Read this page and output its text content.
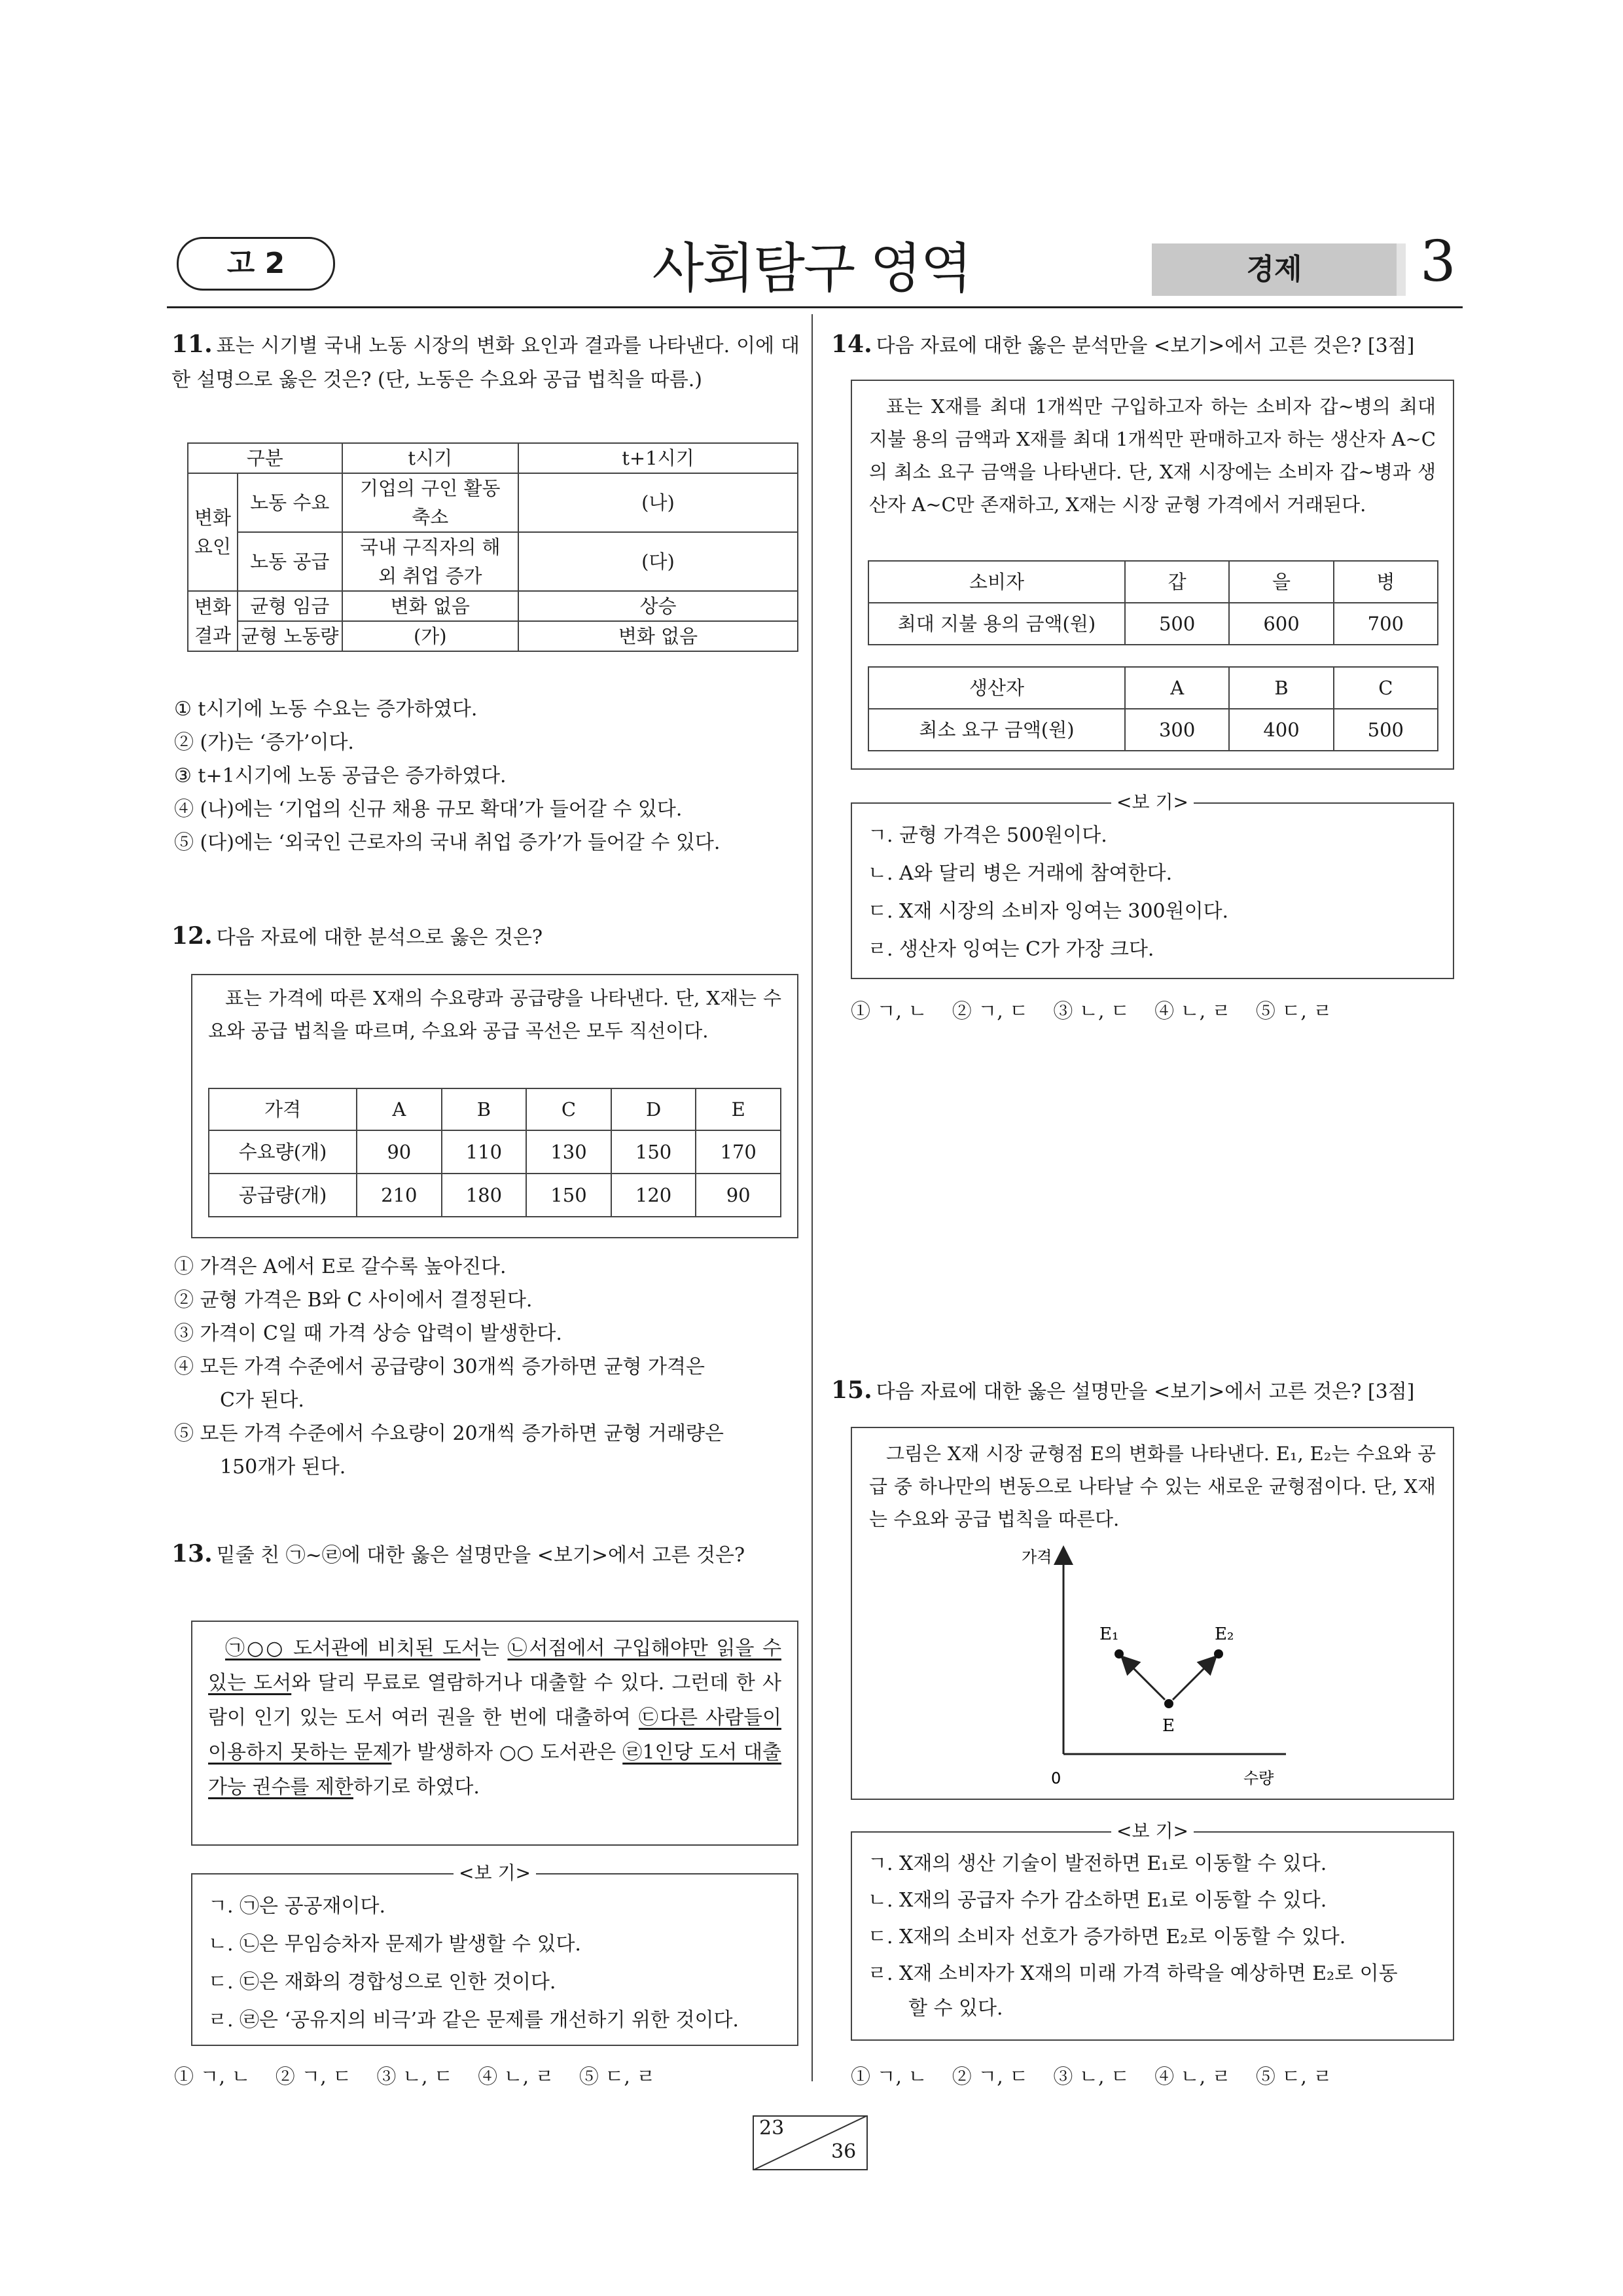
고 2	사회탐구 영역	경제	3
11. 표는 시기별 국내 노동 시장의 변화 요인과 결과를 나타낸다. 이에 대한 설명으로 옳은 것은? (단, 노동은 수요와 공급 법칙을 따름.)
구분		t시기	t+1시기
변화 요인	노동 수요	기업의 구인 활동 축소	(나)
	노동 공급	국내 구직자의 해외 취업 증가	(다)
변화 결과	균형 임금	변화 없음	상승
	균형 노동량	(가)	변화 없음
① t시기에 노동 수요는 증가하였다.
② (가)는 ‘증가’이다.
③ t+1시기에 노동 공급은 증가하였다.
④ (나)에는 ‘기업의 신규 채용 규모 확대’가 들어갈 수 있다.
⑤ (다)에는 ‘외국인 근로자의 국내 취업 증가’가 들어갈 수 있다.
12. 다음 자료에 대한 분석으로 옳은 것은?

표는 가격에 따른 X재의 수요량과 공급량을 나타낸다. 단, X재는 수요와 공급 법칙을 따르며, 수요와 공급 곡선은 모두 직선이다.

가격	A	B	C	D	E
수요량(개)	90	110	130	150	170
공급량(개)	210	180	150	120	90
① 가격은 A에서 E로 갈수록 높아진다.
② 균형 가격은 B와 C 사이에서 결정된다.
③ 가격이 C일 때 가격 상승 압력이 발생한다.
④ 모든 가격 수준에서 공급량이 30개씩 증가하면 균형 가격은
C가 된다.
⑤ 모든 가격 수준에서 수요량이 20개씩 증가하면 균형 거래량은
150개가 된다.
13. 밑줄 친 ㉠~㉣에 대한 옳은 설명만을 <보기>에서 고른 것은?

㉠○○ 도서관에 비치된 도서는 ㉡서점에서 구입해야만 읽을 수 있는 도서와 달리 무료로 열람하거나 대출할 수 있다. 그런데 한 사람이 인기 있는 도서 여러 권을 한 번에 대출하여 ㉢다른 사람들이 이용하지 못하는 문제가 발생하자 ○○ 도서관은 ㉣1인당 도서 대출 가능 권수를 제한하기로 하였다.

<보 기>
ㄱ. ㉠은 공공재이다.
ㄴ. ㉡은 무임승차자 문제가 발생할 수 있다.
ㄷ. ㉢은 재화의 경합성으로 인한 것이다.
ㄹ. ㉣은 ‘공유지의 비극’과 같은 문제를 개선하기 위한 것이다.
① ㄱ, ㄴ    ② ㄱ, ㄷ    ③ ㄴ, ㄷ    ④ ㄴ, ㄹ    ⑤ ㄷ, ㄹ
14. 다음 자료에 대한 옳은 분석만을 <보기>에서 고른 것은? [3점]

표는 X재를 최대 1개씩만 구입하고자 하는 소비자 갑~병의 최대 지불 용의 금액과 X재를 최대 1개씩만 판매하고자 하는 생산자 A~C의 최소 요구 금액을 나타낸다. 단, X재 시장에는 소비자 갑~병과 생산자 A~C만 존재하고, X재는 시장 균형 가격에서 거래된다.

소비자	갑	을	병
최대 지불 용의 금액(원)	500	600	700
생산자	A	B	C
최소 요구 금액(원)	300	400	500
<보 기>
ㄱ. 균형 가격은 500원이다.
ㄴ. A와 달리 병은 거래에 참여한다.
ㄷ. X재 시장의 소비자 잉여는 300원이다.
ㄹ. 생산자 잉여는 C가 가장 크다.
① ㄱ, ㄴ    ② ㄱ, ㄷ    ③ ㄴ, ㄷ    ④ ㄴ, ㄹ    ⑤ ㄷ, ㄹ
15. 다음 자료에 대한 옳은 설명만을 <보기>에서 고른 것은? [3점]

그림은 X재 시장 균형점 E의 변화를 나타낸다. E₁, E₂는 수요와 공급 중 하나만의 변동으로 나타날 수 있는 새로운 균형점이다. 단, X재는 수요와 공급 법칙을 따른다.

가격
수량
0
E
E₁	E₂
<보 기>
ㄱ. X재의 생산 기술이 발전하면 E₁로 이동할 수 있다.
ㄴ. X재의 공급자 수가 감소하면 E₁로 이동할 수 있다.
ㄷ. X재의 소비자 선호가 증가하면 E₂로 이동할 수 있다.
ㄹ. X재 소비자가 X재의 미래 가격 하락을 예상하면 E₂로 이동
할 수 있다.
① ㄱ, ㄴ    ② ㄱ, ㄷ    ③ ㄴ, ㄷ    ④ ㄴ, ㄹ    ⑤ ㄷ, ㄹ
23
36
